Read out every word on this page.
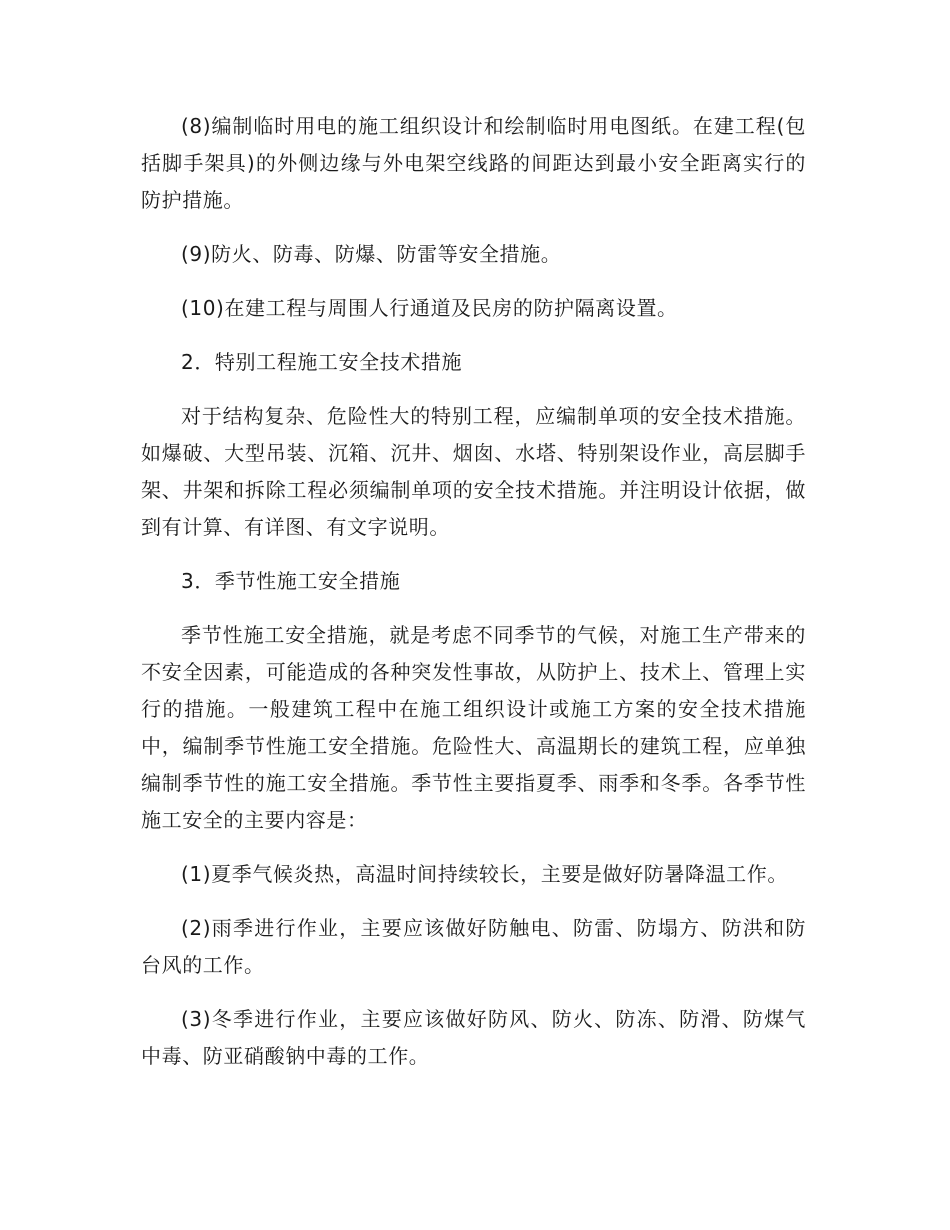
(8)编制临时用电的施工组织设计和绘制临时用电图纸。在建工程(包括脚手架具)的外侧边缘与外电架空线路的间距达到最小安全距离实行的防护措施。

(9)防火、防毒、防爆、防雷等安全措施。

(10)在建工程与周围人行通道及民房的防护隔离设置。

2．特别工程施工安全技术措施

对于结构复杂、危险性大的特别工程，应编制单项的安全技术措施。如爆破、大型吊装、沉箱、沉井、烟囱、水塔、特别架设作业，高层脚手架、井架和拆除工程必须编制单项的安全技术措施。并注明设计依据，做到有计算、有详图、有文字说明。

3．季节性施工安全措施

季节性施工安全措施，就是考虑不同季节的气候，对施工生产带来的不安全因素，可能造成的各种突发性事故，从防护上、技术上、管理上实行的措施。一般建筑工程中在施工组织设计或施工方案的安全技术措施中，编制季节性施工安全措施。危险性大、高温期长的建筑工程，应单独编制季节性的施工安全措施。季节性主要指夏季、雨季和冬季。各季节性施工安全的主要内容是：

(1)夏季气候炎热，高温时间持续较长，主要是做好防暑降温工作。

(2)雨季进行作业，主要应该做好防触电、防雷、防塌方、防洪和防台风的工作。

(3)冬季进行作业，主要应该做好防风、防火、防冻、防滑、防煤气中毒、防亚硝酸钠中毒的工作。
